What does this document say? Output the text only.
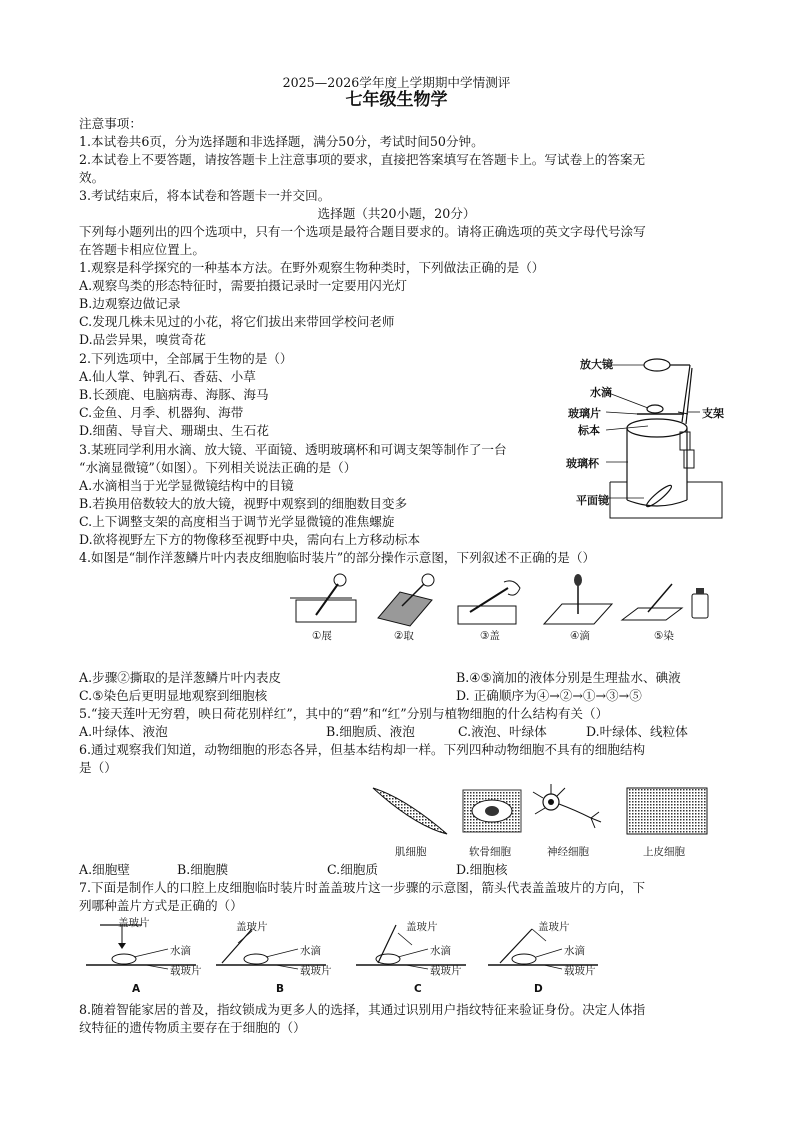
2025—2026学年度上学期期中学情测评
七年级生物学
注意事项：
1.本试卷共6页，分为选择题和非选择题，满分50分，考试时间50分钟。
2.本试卷上不要答题，请按答题卡上注意事项的要求，直接把答案填写在答题卡上。写试卷上的答案无
效。
3.考试结束后，将本试卷和答题卡一并交回。
选择题（共20小题，20分）
下列每小题列出的四个选项中，只有一个选项是最符合题目要求的。请将正确选项的英文字母代号涂写
在答题卡相应位置上。
1.观察是科学探究的一种基本方法。在野外观察生物种类时，下列做法正确的是（）
A.观察鸟类的形态特征时，需要拍摄记录时一定要用闪光灯
B.边观察边做记录
C.发现几株未见过的小花，将它们拔出来带回学校问老师
D.品尝异果，嗅赏奇花
2.下列选项中，全部属于生物的是（）
A.仙人掌、钟乳石、香菇、小草
B.长颈鹿、电脑病毒、海豚、海马
C.金鱼、月季、机器狗、海带
D.细菌、导盲犬、珊瑚虫、生石花
3.某班同学利用水滴、放大镜、平面镜、透明玻璃杯和可调支架等制作了一台
“水滴显微镜”（如图）。下列相关说法正确的是（）
A.水滴相当于光学显微镜结构中的目镜
B.若换用倍数较大的放大镜，视野中观察到的细胞数目变多
C.上下调整支架的高度相当于调节光学显微镜的准焦螺旋
D.欲将视野左下方的物像移至视野中央，需向右上方移动标本
放大镜
水滴
玻璃片
标本
玻璃杯
平面镜
支架
4.如图是“制作洋葱鳞片叶内表皮细胞临时装片”的部分操作示意图，下列叙述不正确的是（）
①展	②取	③盖	④滴	⑤染
A.步骤②撕取的是洋葱鳞片叶内表皮	B.④⑤滴加的液体分别是生理盐水、碘液
C.⑤染色后更明显地观察到细胞核	D. 正确顺序为④→②→①→③→⑤
5.“接天莲叶无穷碧，映日荷花别样红”，其中的“碧”和“红”分别与植物细胞的什么结构有关（）
A.叶绿体、液泡	B.细胞质、液泡	C.液泡、叶绿体	D.叶绿体、线粒体
6.通过观察我们知道，动物细胞的形态各异，但基本结构却一样。下列四种动物细胞不具有的细胞结构
是（）
肌细胞	软骨细胞	神经细胞	上皮细胞
A.细胞壁	B.细胞膜	C.细胞质	D.细胞核
7.下面是制作人的口腔上皮细胞临时装片时盖盖玻片这一步骤的示意图，箭头代表盖盖玻片的方向，下
列哪种盖片方式是正确的（）
盖玻片
水滴
载玻片
盖玻片
水滴
载玻片
盖玻片
水滴
载玻片
盖玻片
水滴
载玻片
A	B	C	D
8.随着智能家居的普及，指纹锁成为更多人的选择，其通过识别用户指纹特征来验证身份。决定人体指
纹特征的遗传物质主要存在于细胞的（）
